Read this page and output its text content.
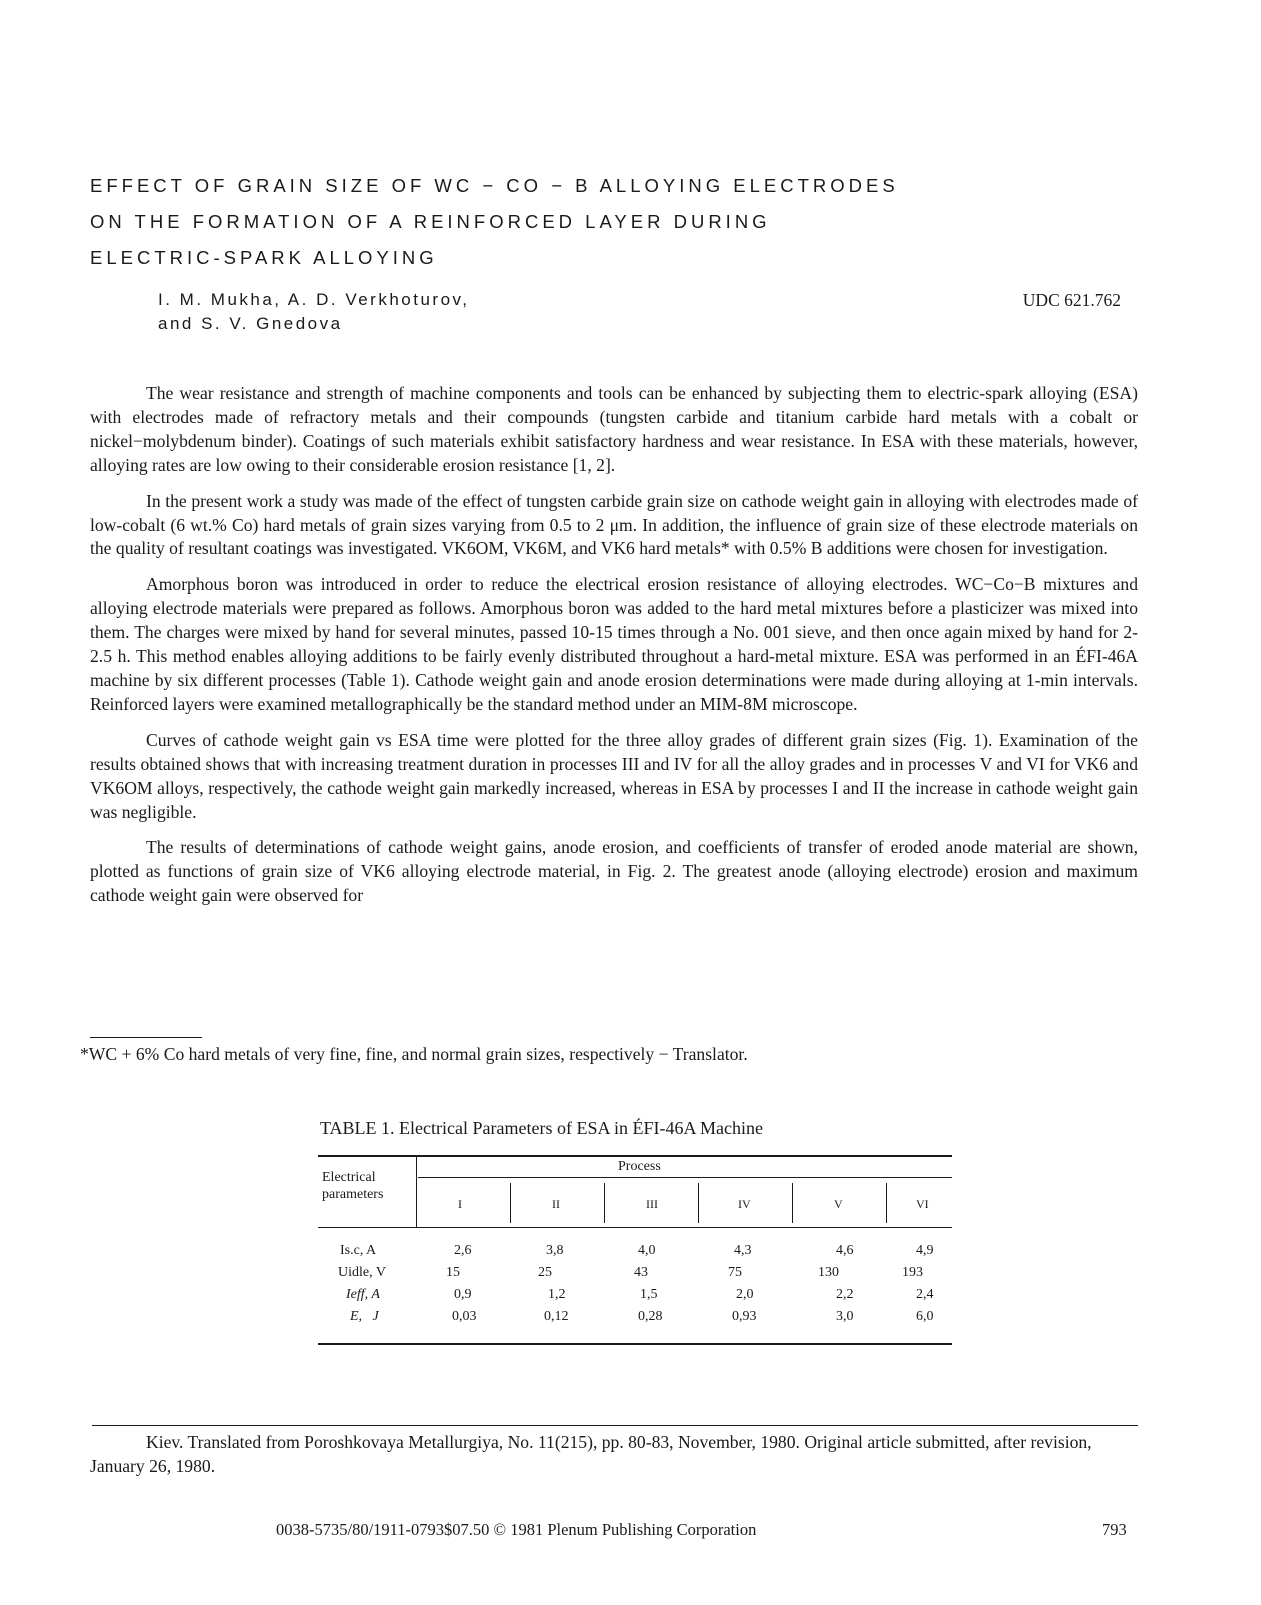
EFFECT OF GRAIN SIZE OF WC − CO − B ALLOYING ELECTRODES
ON THE FORMATION OF A REINFORCED LAYER DURING
ELECTRIC-SPARK ALLOYING
I. M. Mukha, A. D. Verkhoturov,
and S. V. Gnedova
UDC 621.762

The wear resistance and strength of machine components and tools can be enhanced by subjecting them to electric-spark alloying (ESA) with electrodes made of refractory metals and their compounds (tungsten carbide and titanium carbide hard metals with a cobalt or nickel−molybdenum binder). Coatings of such materials exhibit satisfactory hardness and wear resistance. In ESA with these materials, however, alloying rates are low owing to their considerable erosion resistance [1, 2].

In the present work a study was made of the effect of tungsten carbide grain size on cathode weight gain in alloying with electrodes made of low-cobalt (6 wt.% Co) hard metals of grain sizes varying from 0.5 to 2 μm. In addition, the influence of grain size of these electrode materials on the quality of resultant coatings was investigated. VK6OM, VK6M, and VK6 hard metals* with 0.5% B additions were chosen for investigation.

Amorphous boron was introduced in order to reduce the electrical erosion resistance of alloying electrodes. WC−Co−B mixtures and alloying electrode materials were prepared as follows. Amorphous boron was added to the hard metal mixtures before a plasticizer was mixed into them. The charges were mixed by hand for several minutes, passed 10-15 times through a No. 001 sieve, and then once again mixed by hand for 2-2.5 h. This method enables alloying additions to be fairly evenly distributed throughout a hard-metal mixture. ESA was performed in an ÉFI-46A machine by six different processes (Table 1). Cathode weight gain and anode erosion determinations were made during alloying at 1-min intervals. Reinforced layers were examined metallographically be the standard method under an MIM-8M microscope.

Curves of cathode weight gain vs ESA time were plotted for the three alloy grades of different grain sizes (Fig. 1). Examination of the results obtained shows that with increasing treatment duration in processes III and IV for all the alloy grades and in processes V and VI for VK6 and VK6OM alloys, respectively, the cathode weight gain markedly increased, whereas in ESA by processes I and II the increase in cathode weight gain was negligible.

The results of determinations of cathode weight gains, anode erosion, and coefficients of transfer of eroded anode material are shown, plotted as functions of grain size of VK6 alloying electrode material, in Fig. 2. The greatest anode (alloying electrode) erosion and maximum cathode weight gain were observed for

*WC + 6% Co hard metals of very fine, fine, and normal grain sizes, respectively − Translator.
TABLE 1. Electrical Parameters of ESA in ÉFI-46A Machine
Electrical parameters
Process
I	II	III	IV	V	VI
Is.c, A	2,6	3,8	4,0	4,3	4,6	4,9
Uidle, V	15	25	43	75	130	193
Ieff, A	0,9	1,2	1,5	2,0	2,2	2,4
E,   J	0,03	0,12	0,28	0,93	3,0	6,0

Kiev. Translated from Poroshkovaya Metallurgiya, No. 11(215), pp. 80-83, November, 1980. Original article submitted, after revision, January 26, 1980.

0038-5735/80/1911-0793$07.50 © 1981 Plenum Publishing Corporation	793
